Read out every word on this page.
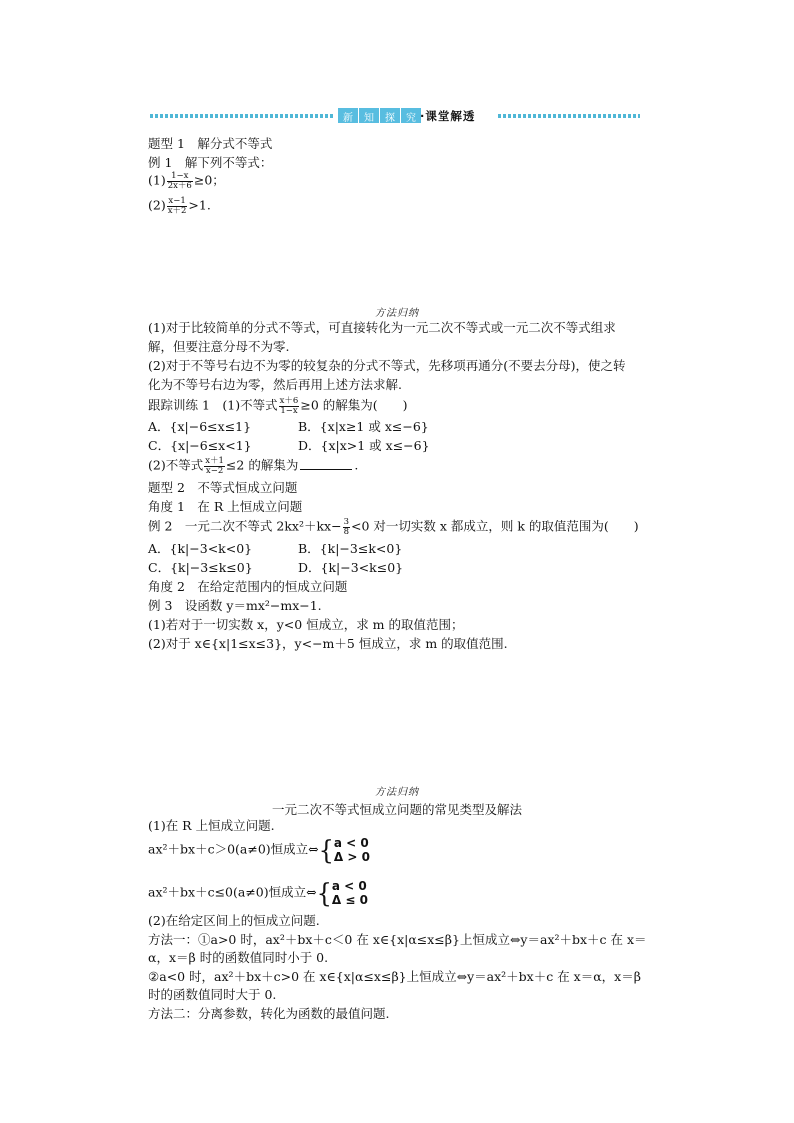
新	知	探	究 ·课堂解透
题型 1　解分式不等式
例 1　解下列不等式：
$(1) \frac{1-x}{2x+6} \ge 0$；
$(2) \frac{x-1}{x+2} >1$.
方法归纳
(1)对于比较简单的分式不等式，可直接转化为一元二次不等式或一元二次不等式组求
解，但要注意分母不为零.
(2)对于不等号右边不为零的较复杂的分式不等式，先移项再通分(不要去分母)，使之转
化为不等号右边为零，然后再用上述方法求解.
跟踪训练 1　(1)不等式 $\frac{x+6}{1-x} \ge 0$ 的解集为(　　)
A．{x|−6≤x≤1}	B．{x|x≥1 或 x≤−6}
C．{x|−6≤x<1}	D．{x|x>1 或 x≤−6}
(2)不等式 $\frac{x+1}{x-2} \le 2$ 的解集为	.
题型 2　不等式恒成立问题
角度 1　在 R 上恒成立问题
例 2　一元二次不等式 $2kx^2+kx- \frac{3}{8} <0$ 对一切实数 x 都成立，则 k 的取值范围为(　　)
A．{k|−3<k<0}	B．{k|−3≤k<0}
C．{k|−3≤k≤0}	D．{k|−3<k≤0}
角度 2　在给定范围内的恒成立问题
例 3　设函数 y＝mx²−mx−1.
(1)若对于一切实数 x，y<0 恒成立，求 m 的取值范围；
(2)对于 x∈{x|1≤x≤3}，y<−m＋5 恒成立，求 m 的取值范围.
方法归纳
一元二次不等式恒成立问题的常见类型及解法
(1)在 R 上恒成立问题.
ax²＋bx＋c＞0(a≠0)恒成立⇔{ a < 0
Δ > 0
ax²＋bx＋c≤0(a≠0)恒成立⇔{ a < 0
Δ ≤ 0
(2)在给定区间上的恒成立问题.
方法一：①a>0 时，ax²＋bx＋c＜0 在 x∈{x|α≤x≤β}上恒成立⇔y＝ax²＋bx＋c 在 x＝
α，x＝β 时的函数值同时小于 0.
②a<0 时，ax²＋bx＋c>0 在 x∈{x|α≤x≤β}上恒成立⇔y＝ax²＋bx＋c 在 x＝α，x＝β
时的函数值同时大于 0.
方法二：分离参数，转化为函数的最值问题.
